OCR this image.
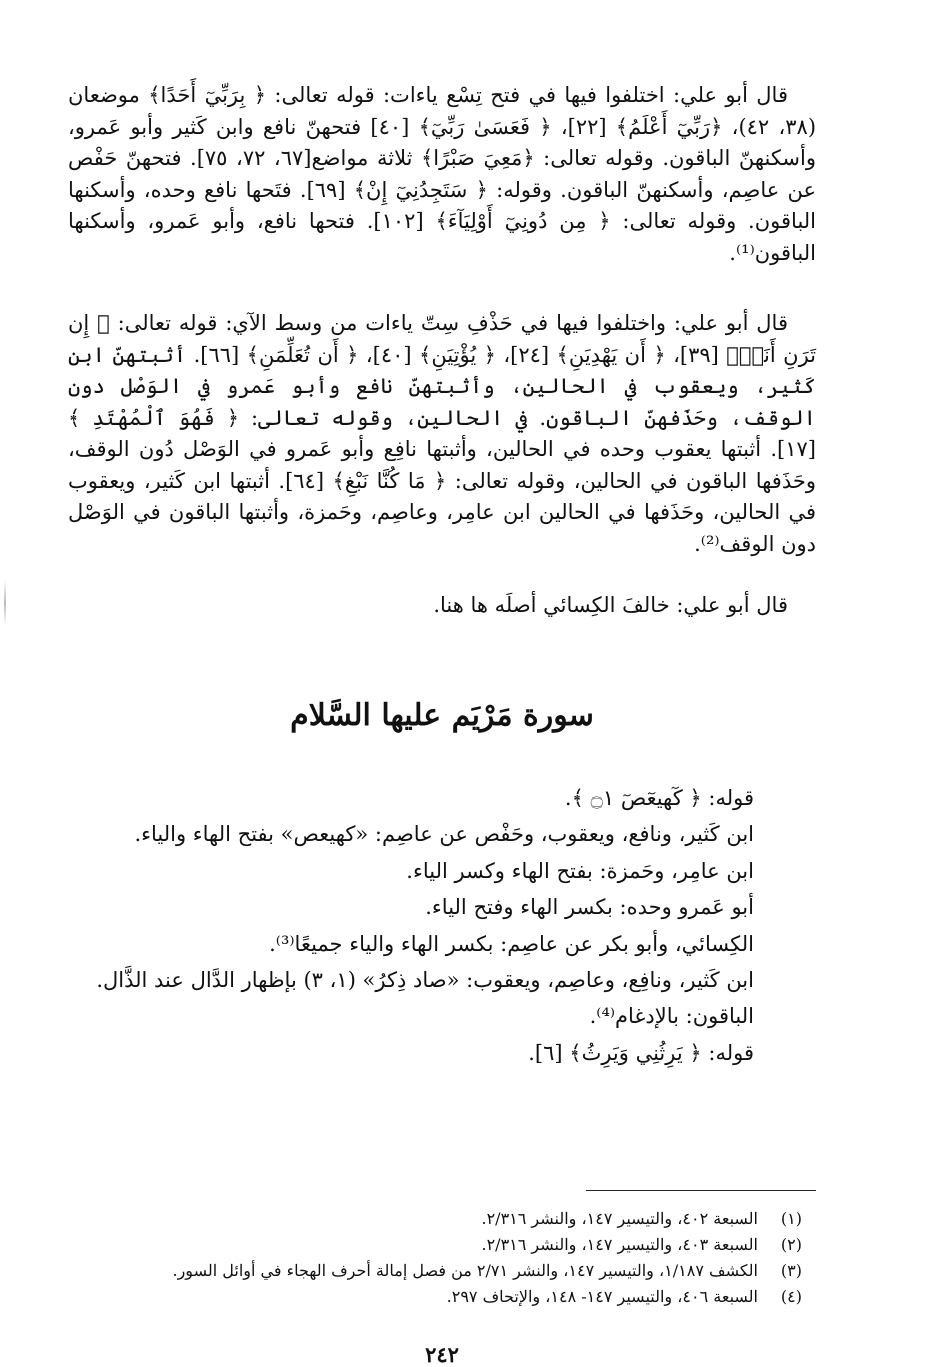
قال أبو علي: اختلفوا فيها في فتح تِسْع ياءات: قوله تعالى: ﴿ بِرَبِّيٓ أَحَدًا﴾ موضعان (٣٨، ٤٢)، ﴿رَبِّيٓ أَعْلَمُ﴾ [٢٢]، ﴿ فَعَسَىٰ رَبِّيٓ﴾ [٤٠] فتحهنّ نافع وابن كَثير وأبو عَمرو، وأسكنهنّ الباقون. وقوله تعالى: ﴿مَعِيَ صَبْرًا﴾ ثلاثة مواضع[٦٧، ٧٢، ٧٥]. فتحهنّ حَفْص عن عاصِم، وأسكنهنّ الباقون. وقوله: ﴿ سَتَجِدُنِيٓ إِنْ﴾ [٦٩]. فتَحها نافع وحده، وأسكنها الباقون. وقوله تعالى: ﴿ مِن دُونِيٓ أَوْلِيَآءَ﴾ [١٠٢]. فتحها نافع، وأبو عَمرو، وأسكنها الباقون⁽¹⁾.

قال أبو علي: واختلفوا فيها في حَذْفِ سِتّ ياءات من وسط الآي: قوله تعالى: ﴿ إِن تَرَنِ أَنَا۠﴾ [٣٩]، ﴿ أَن يَهْدِيَنِ﴾ [٢٤]، ﴿ يُؤْتِيَنِ﴾ [٤٠]، ﴿ أَن تُعَلِّمَنِ﴾ [٦٦]. أثبتهنّ ابن كَثير، ويعقوب في الحالين، وأثبتهنّ نافع وأبو عَمرو في الوَصْل دون الوقف، وحَذَفهنّ الباقون. في الحالين، وقوله تعالى: ﴿ فَهُوَ ٱلْمُهْتَدِ ﴾ [١٧]. أثبتها يعقوب وحده في الحالين، وأثبتها نافِع وأبو عَمرو في الوَصْل دُون الوقف، وحَذَفها الباقون في الحالين، وقوله تعالى: ﴿ مَا كُنَّا نَبْغِ﴾ [٦٤]. أثبتها ابن كَثير، ويعقوب في الحالين، وحَذَفها في الحالين ابن عامِر، وعاصِم، وحَمزة، وأثبتها الباقون في الوَصْل دون الوقف⁽²⁾.

قال أبو علي: خالفَ الكِسائي أصلَه ها هنا.

سورة مَرْيَم عليها السَّلام
قوله: ﴿ كٓهيعٓصٓ ۝١ ﴾.
ابن كَثير، ونافع، ويعقوب، وحَفْص عن عاصِم: «كهيعص» بفتح الهاء والياء.
ابن عامِر، وحَمزة: بفتح الهاء وكسر الياء.
أبو عَمرو وحده: بكسر الهاء وفتح الياء.
الكِسائي، وأبو بكر عن عاصِم: بكسر الهاء والياء جميعًا⁽³⁾.
ابن كَثير، ونافِع، وعاصِم، ويعقوب: «صاد ذِكرُ» (١، ٣) بإظهار الدَّال عند الذَّال.
الباقون: بالإدغام⁽⁴⁾.
قوله: ﴿ يَرِثُنِي وَيَرِثُ﴾ [٦].
(١)السبعة ٤٠٢، والتيسير ١٤٧، والنشر ٢/٣١٦.
(٢)السبعة ٤٠٣، والتيسير ١٤٧، والنشر ٢/٣١٦.
(٣)الكشف ١/١٨٧، والتيسير ١٤٧، والنشر ٢/٧١ من فصل إمالة أحرف الهجاء في أوائل السور.
(٤)السبعة ٤٠٦، والتيسير ١٤٧- ١٤٨، والإتحاف ٢٩٧.
٢٤٢
